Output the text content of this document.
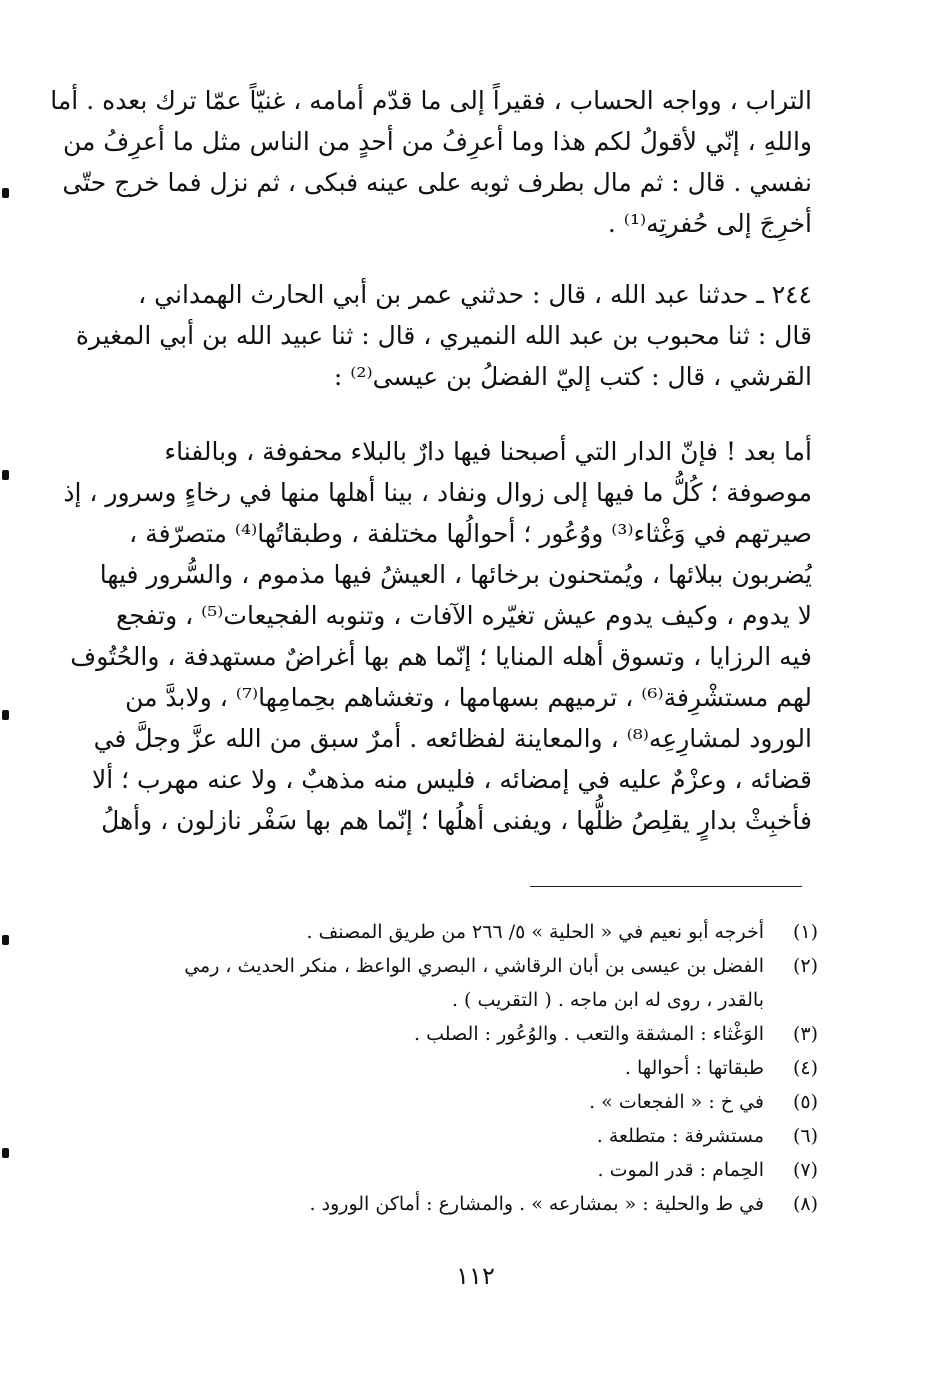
التراب ، وواجه الحساب ، فقيراً إلى ما قدّم أمامه ، غنيّاً عمّا ترك بعده . أما
واللهِ ، إنّي لأقولُ لكم هذا وما أعرِفُ من أحدٍ من الناس مثل ما أعرِفُ من
نفسي . قال : ثم مال بطرف ثوبه على عينه فبكى ، ثم نزل فما خرج حتّى
أخرِجَ إلى حُفرتِه⁽¹⁾ .
٢٤٤ ـ حدثنا عبد الله ، قال : حدثني عمر بن أبي الحارث الهمداني ،
قال : ثنا محبوب بن عبد الله النميري ، قال : ثنا عبيد الله بن أبي المغيرة
القرشي ، قال : كتب إليّ الفضلُ بن عيسى⁽²⁾ :
أما بعد ! فإنّ الدار التي أصبحنا فيها دارٌ بالبلاء محفوفة ، وبالفناء
موصوفة ؛ كُلُّ ما فيها إلى زوال ونفاد ، بينا أهلها منها في رخاءٍ وسرور ، إذ
صيرتهم في وَغْثاء⁽³⁾ ووُعُور ؛ أحوالُها مختلفة ، وطبقاتُها⁽⁴⁾ متصرّفة ،
يُضربون ببلائها ، ويُمتحنون برخائها ، العيشُ فيها مذموم ، والسُّرور فيها
لا يدوم ، وكيف يدوم عيش تغيّره الآفات ، وتنوبه الفجيعات⁽⁵⁾ ، وتفجع
فيه الرزايا ، وتسوق أهله المنايا ؛ إنّما هم بها أغراضٌ مستهدفة ، والحُتُوف
لهم مستشْرِفة⁽⁶⁾ ، ترميهم بسهامها ، وتغشاهم بحِمامِها⁽⁷⁾ ، ولابدَّ من
الورود لمشارِعِه⁽⁸⁾ ، والمعاينة لفظائعه . أمرٌ سبق من الله عزَّ وجلَّ في
قضائه ، وعزْمٌ عليه في إمضائه ، فليس منه مذهبٌ ، ولا عنه مهرب ؛ ألا
فأخبِثْ بدارٍ يقلِصُ ظلُّها ، ويفنى أهلُها ؛ إنّما هم بها سَفْر نازلون ، وأهلُ
(١)
أخرجه أبو نعيم في « الحلية » ٥/ ٢٦٦ من طريق المصنف .
(٢)
الفضل بن عيسى بن أبان الرقاشي ، البصري الواعظ ، منكر الحديث ، رمي بالقدر ، روى له ابن ماجه . ( التقريب ) .
(٣)
الوَغْثاء : المشقة والتعب . والوُعُور : الصلب .
(٤)
طبقاتها : أحوالها .
(٥)
في خ : « الفجعات » .
(٦)
مستشرفة : متطلعة .
(٧)
الحِمام : قدر الموت .
(٨)
في ط والحلية : « بمشارعه » . والمشارع : أماكن الورود .
١١٢
